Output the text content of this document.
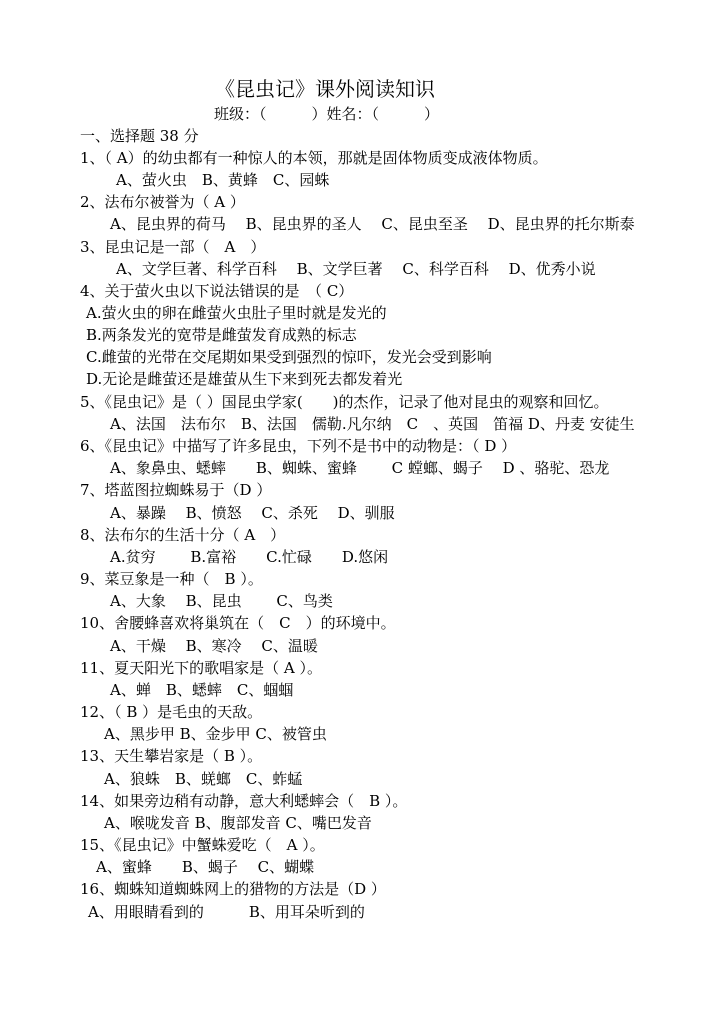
《昆虫记》课外阅读知识
班级：（　　　）姓名：（　　　）
一、选择题 38 分
1、（ A）的幼虫都有一种惊人的本领，那就是固体物质变成液体物质。
A、萤火虫　B、黄蜂　C、园蛛
2、法布尔被誉为（ A ）
A、昆虫界的荷马　 B、昆虫界的圣人　 C、昆虫至圣　 D、昆虫界的托尔斯泰
3、昆虫记是一部（　A　）
A、文学巨著、科学百科　 B、文学巨著　 C、科学百科　 D、优秀小说
4、关于萤火虫以下说法错误的是　（ C）
A.萤火虫的卵在雌萤火虫肚子里时就是发光的
B.两条发光的宽带是雌萤发育成熟的标志
C.雌萤的光带在交尾期如果受到强烈的惊吓，发光会受到影响
D.无论是雌萤还是雄萤从生下来到死去都发着光
5、《昆虫记》是（ ）国昆虫学家(　　)的杰作，记录了他对昆虫的观察和回忆。
A、法国　法布尔　B、法国　儒勒.凡尔纳　C　、英国　笛福 D、丹麦 安徒生
6、《昆虫记》中描写了许多昆虫，下列不是书中的动物是：（ D ）
A、象鼻虫、蟋蟀　　B、蜘蛛、蜜蜂　　 C 螳螂、蝎子　 D 、骆驼、恐龙
7、塔蓝图拉蜘蛛易于（D ）
A、暴躁　 B、愤怒　 C、杀死　 D、驯服
8、法布尔的生活十分（ A　）
A.贫穷　　 B.富裕　　C.忙碌　　D.悠闲
9、菜豆象是一种（　B ）。
A、大象　 B、昆虫　　 C、鸟类
10、舍腰蜂喜欢将巢筑在（　C　）的环境中。
A、干燥　 B、寒冷　 C、温暖
11、夏天阳光下的歌唱家是（ A ）。
A、蝉　B、蟋蟀　C、蝈蝈
12、（ B ）是毛虫的天敌。
A、黑步甲 B、金步甲 C、被管虫
13、天生攀岩家是（ B ）。
A、狼蛛　B、蜣螂　C、蚱蜢
14、如果旁边稍有动静，意大利蟋蟀会（　B ）。
A、喉咙发音 B、腹部发音 C、嘴巴发音
15、《昆虫记》中蟹蛛爱吃（　A ）。
A、蜜蜂　　B、蝎子　 C、蝴蝶
16、蜘蛛知道蜘蛛网上的猎物的方法是（D ）
A、用眼睛看到的　　　B、用耳朵听到的
